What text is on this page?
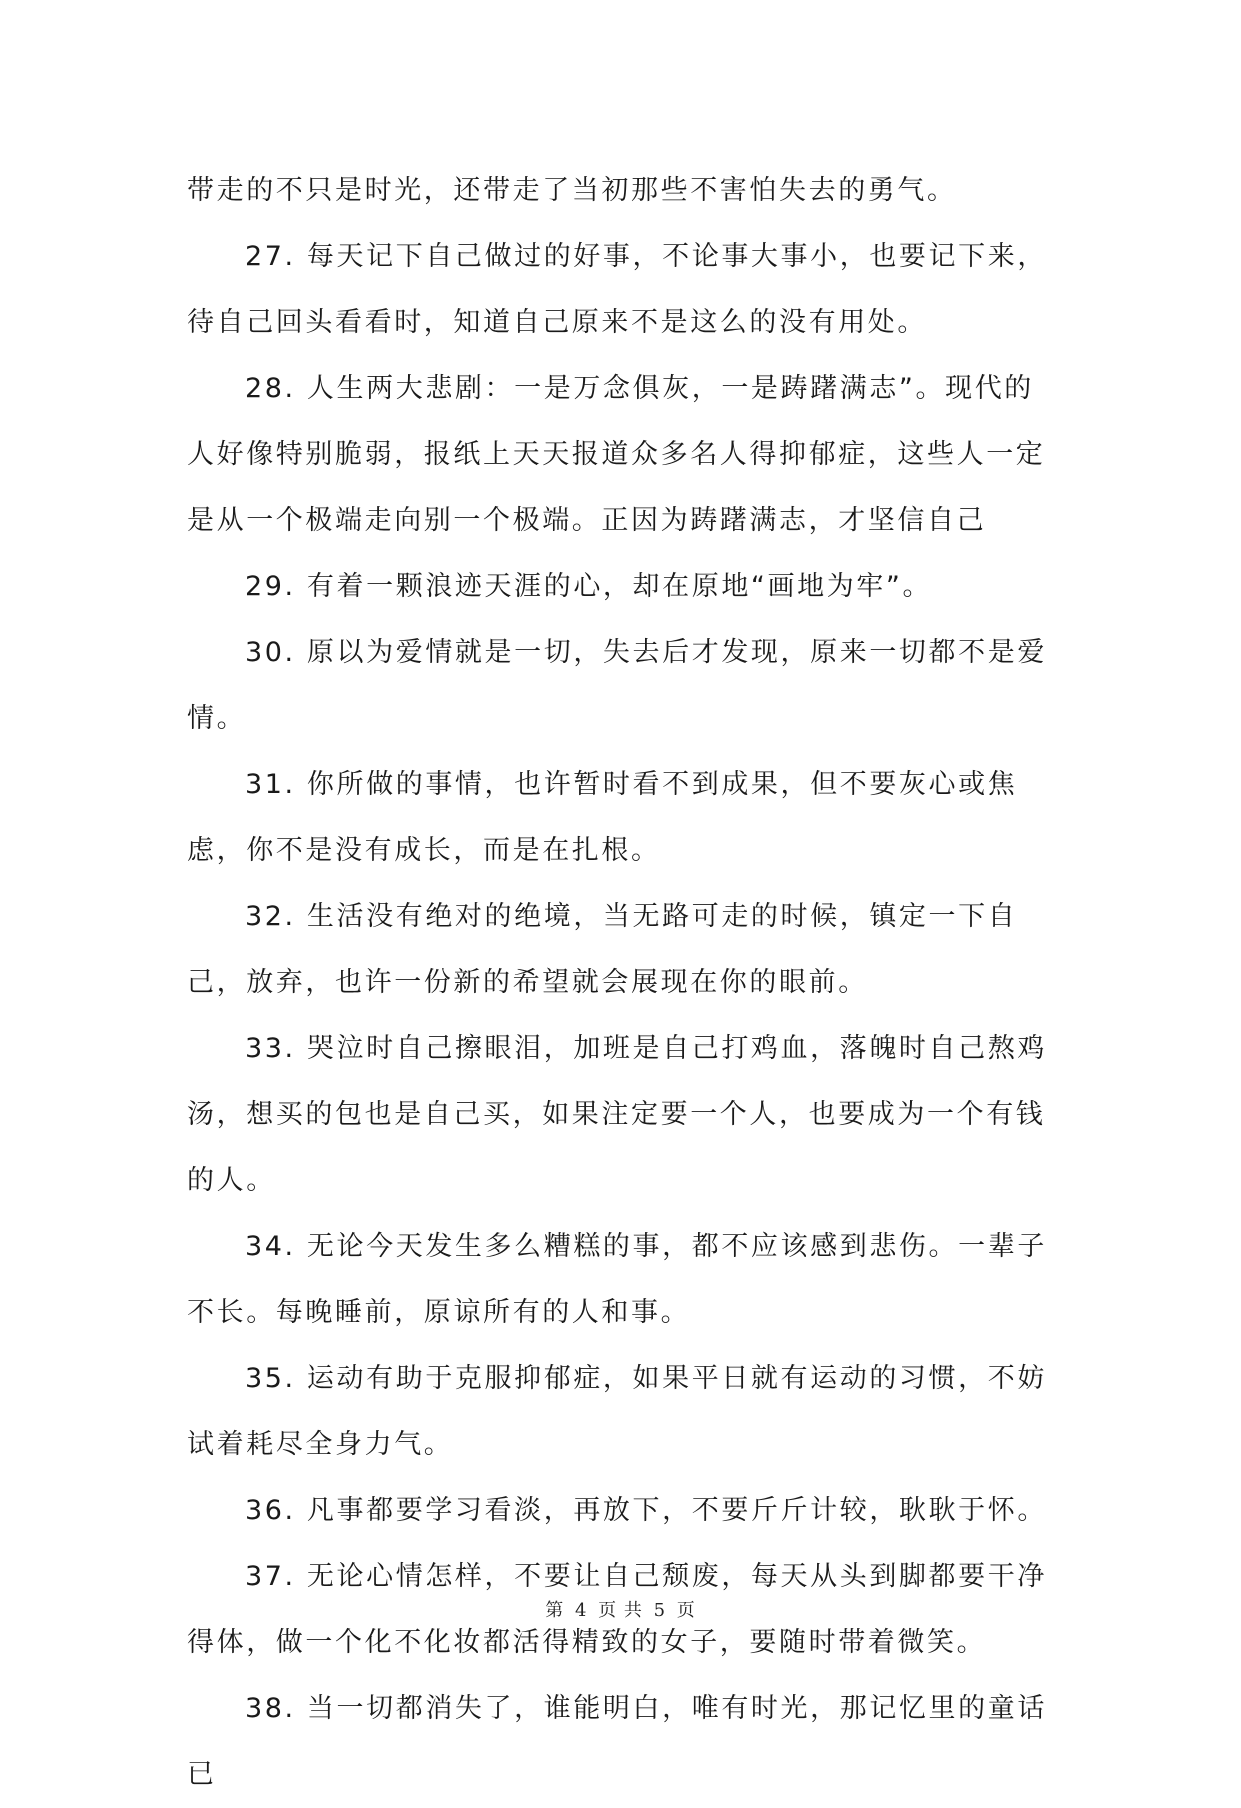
带走的不只是时光，还带走了当初那些不害怕失去的勇气。

27. 每天记下自己做过的好事，不论事大事小，也要记下来，待自己回头看看时，知道自己原来不是这么的没有用处。

28. 人生两大悲剧：一是万念俱灰，一是踌躇满志”。现代的人好像特别脆弱，报纸上天天报道众多名人得抑郁症，这些人一定是从一个极端走向别一个极端。正因为踌躇满志，才坚信自己

29. 有着一颗浪迹天涯的心，却在原地“画地为牢”。

30. 原以为爱情就是一切，失去后才发现，原来一切都不是爱情。

31. 你所做的事情，也许暂时看不到成果，但不要灰心或焦虑，你不是没有成长，而是在扎根。

32. 生活没有绝对的绝境，当无路可走的时候，镇定一下自己，放弃，也许一份新的希望就会展现在你的眼前。

33. 哭泣时自己擦眼泪，加班是自己打鸡血，落魄时自己熬鸡汤，想买的包也是自己买，如果注定要一个人，也要成为一个有钱的人。

34. 无论今天发生多么糟糕的事，都不应该感到悲伤。一辈子不长。每晚睡前，原谅所有的人和事。

35. 运动有助于克服抑郁症，如果平日就有运动的习惯，不妨试着耗尽全身力气。

36. 凡事都要学习看淡，再放下，不要斤斤计较，耿耿于怀。

37. 无论心情怎样，不要让自己颓废，每天从头到脚都要干净得体，做一个化不化妆都活得精致的女子，要随时带着微笑。

38. 当一切都消失了，谁能明白，唯有时光，那记忆里的童话已

第 4 页 共 5 页
